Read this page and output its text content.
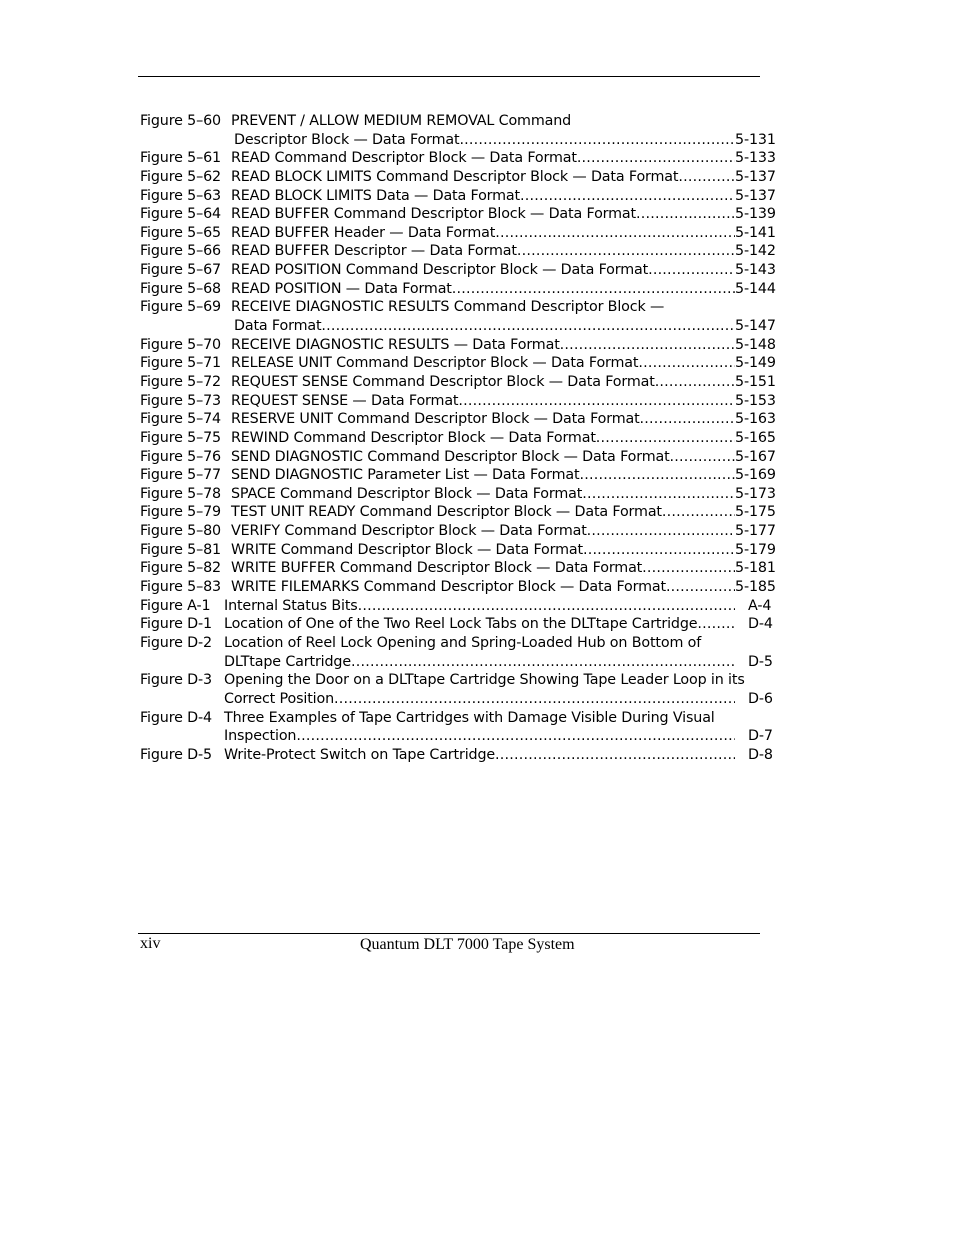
Figure 5–60 PREVENT / ALLOW MEDIUM REMOVAL Command
Descriptor Block — Data Format .....	5-131
Figure 5–61 READ Command Descriptor Block — Data Format .....	5-133
Figure 5–62 READ BLOCK LIMITS Command Descriptor Block — Data Format .....	5-137
Figure 5–63 READ BLOCK LIMITS Data — Data Format .....	5-137
Figure 5–64 READ BUFFER Command Descriptor Block — Data Format .....	5-139
Figure 5–65 READ BUFFER Header — Data Format .....	5-141
Figure 5–66 READ BUFFER Descriptor — Data Format .....	5-142
Figure 5–67 READ POSITION Command Descriptor Block — Data Format .....	5-143
Figure 5–68 READ POSITION — Data Format .....	5-144
Figure 5–69 RECEIVE DIAGNOSTIC RESULTS Command Descriptor Block —
Data Format .....	5-147
Figure 5–70 RECEIVE DIAGNOSTIC RESULTS — Data Format .....	5-148
Figure 5–71 RELEASE UNIT Command Descriptor Block — Data Format .....	5-149
Figure 5–72 REQUEST SENSE Command Descriptor Block — Data Format .....	5-151
Figure 5–73 REQUEST SENSE — Data Format .....	5-153
Figure 5–74 RESERVE UNIT Command Descriptor Block — Data Format .....	5-163
Figure 5–75 REWIND Command Descriptor Block — Data Format .....	5-165
Figure 5–76 SEND DIAGNOSTIC Command Descriptor Block — Data Format .....	5-167
Figure 5–77 SEND DIAGNOSTIC Parameter List — Data Format .....	5-169
Figure 5–78 SPACE Command Descriptor Block — Data Format .....	5-173
Figure 5–79 TEST UNIT READY Command Descriptor Block — Data Format .....	5-175
Figure 5–80 VERIFY Command Descriptor Block — Data Format .....	5-177
Figure 5–81 WRITE Command Descriptor Block — Data Format .....	5-179
Figure 5–82 WRITE BUFFER Command Descriptor Block — Data Format .....	5-181
Figure 5–83 WRITE FILEMARKS Command Descriptor Block — Data Format .....	5-185
Figure A-1 Internal Status Bits .....	A-4
Figure D-1 Location of One of the Two Reel Lock Tabs on the DLTtape Cartridge .....	D-4
Figure D-2 Location of Reel Lock Opening and Spring-Loaded Hub on Bottom of
DLTtape Cartridge .....	D-5
Figure D-3 Opening the Door on a DLTtape Cartridge Showing Tape Leader Loop in its
Correct Position .....	D-6
Figure D-4 Three Examples of Tape Cartridges with Damage Visible During Visual
Inspection .....	D-7
Figure D-5 Write-Protect Switch on Tape Cartridge .....	D-8
xiv	Quantum DLT 7000 Tape System
